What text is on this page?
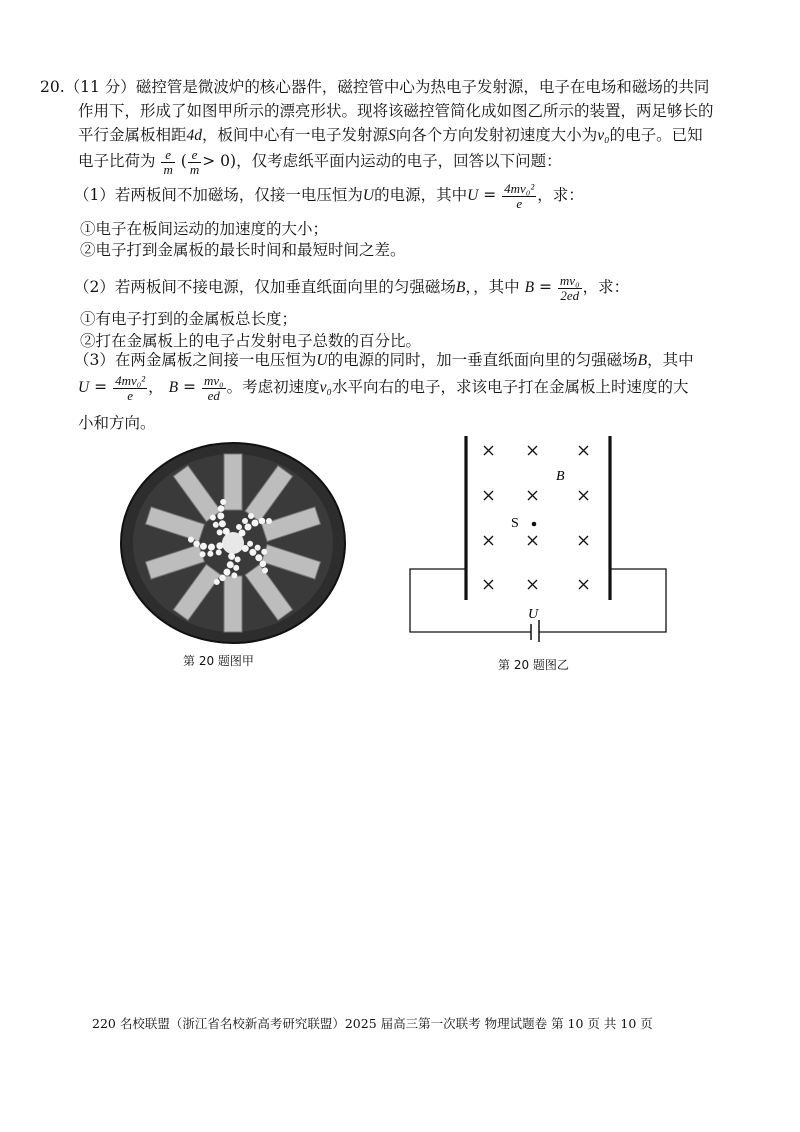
20.（11 分）磁控管是微波炉的核心器件，磁控管中心为热电子发射源，电子在电场和磁场的共同
作用下，形成了如图甲所示的漂亮形状。现将该磁控管简化成如图乙所示的装置，两足够长的
平行金属板相距4d，板间中心有一电子发射源S向各个方向发射初速度大小为v₀的电子。已知
电子比荷为 $\frac{e}{m}$ ( $\frac{e}{m} > 0$)，仅考虑纸平面内运动的电子，回答以下问题：
（1）若两板间不加磁场，仅接一电压恒为U的电源，其中$U = \frac{\text{4mv₀²}}{e}$ ，求：
①电子在板间运动的加速度的大小；
②电子打到金属板的最长时间和最短时间之差。
（2）若两板间不接电源，仅加垂直纸面向里的匀强磁场B，，其中 $B = \frac{\text{mv₀}}{2ed}$ ，求：
①有电子打到的金属板总长度；
②打在金属板上的电子占发射电子总数的百分比。
（3）在两金属板之间接一电压恒为U的电源的同时，加一垂直纸面向里的匀强磁场B，其中
$U = \frac{\text{4mv₀²}}{e}$ ， $B = \frac{\text{mv₀}}{ed}$ 。考虑初速度v₀水平向右的电子，求该电子打在金属板上时速度的大
小和方向。
第 20 题图甲
B
S
U
第 20 题图乙
220 名校联盟（浙江省名校新高考研究联盟）2025 届高三第一次联考 物理试题卷 第 10 页 共 10 页
